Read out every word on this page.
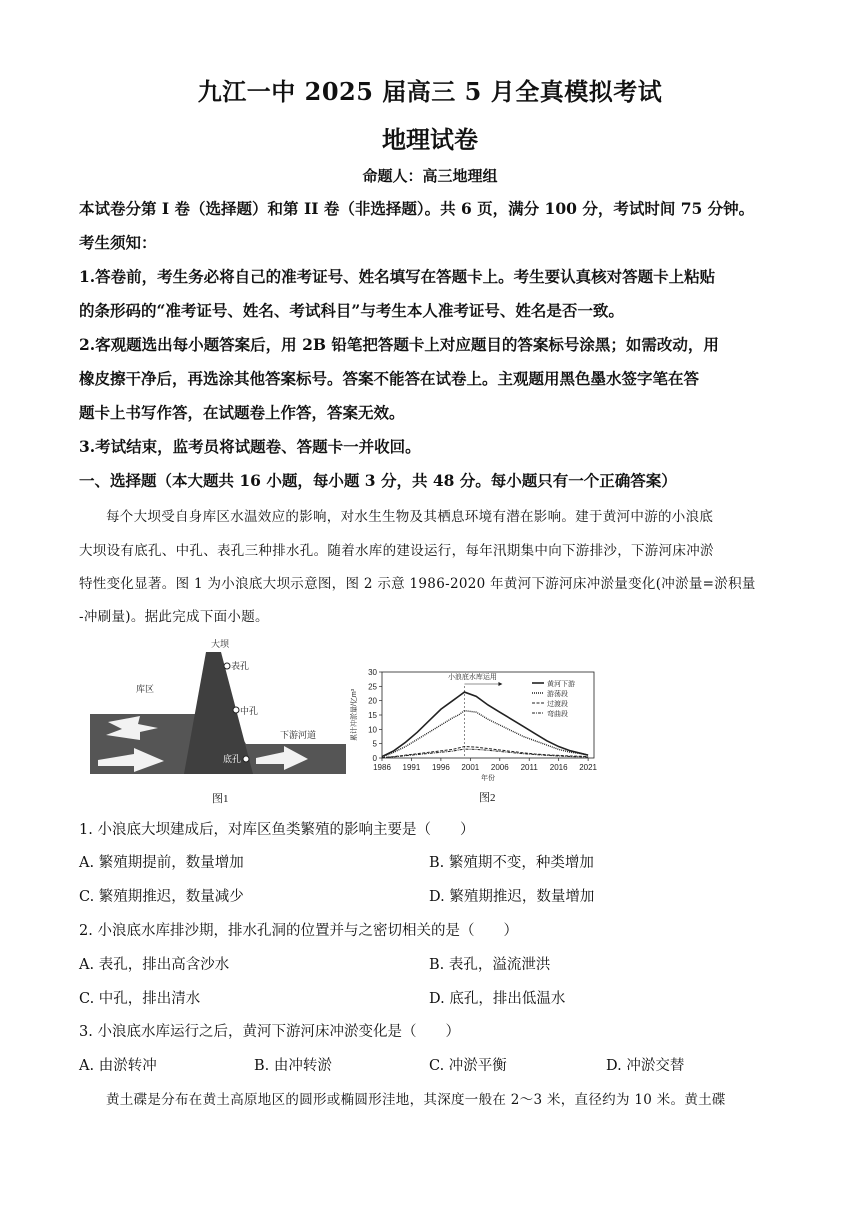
九江一中 2025 届高三 5 月全真模拟考试
地理试卷
命题人：高三地理组
本试卷分第 I 卷（选择题）和第 II 卷（非选择题）。共 6 页，满分 100 分，考试时间 75 分钟。
考生须知：
1.答卷前，考生务必将自己的准考证号、姓名填写在答题卡上。考生要认真核对答题卡上粘贴
的条形码的“准考证号、姓名、考试科目”与考生本人准考证号、姓名是否一致。
2.客观题选出每小题答案后，用 2B 铅笔把答题卡上对应题目的答案标号涂黑；如需改动，用
橡皮擦干净后，再选涂其他答案标号。答案不能答在试卷上。主观题用黑色墨水签字笔在答
题卡上书写作答，在试题卷上作答，答案无效。
3.考试结束，监考员将试题卷、答题卡一并收回。
一、选择题（本大题共 16 小题，每小题 3 分，共 48 分。每小题只有一个正确答案）
每个大坝受自身库区水温效应的影响，对水生生物及其栖息环境有潜在影响。建于黄河中游的小浪底
大坝设有底孔、中孔、表孔三种排水孔。随着水库的建设运行，每年汛期集中向下游排沙，下游河床冲淤
特性变化显著。图 1 为小浪底大坝示意图，图 2 示意 1986-2020 年黄河下游河床冲淤量变化(冲淤量=淤积量
-冲刷量)。据此完成下面小题。
大坝
表孔
库区
中孔
底孔
下游河道
图1
0
5
10
15
20
25
30
1986 1991 1996 2001 2006 2011 2016 2021
年份
累计冲淤量/亿m³
小浪底水库运用
黄河下游
游荡段
过渡段
弯曲段
图2
1. 小浪底大坝建成后，对库区鱼类繁殖的影响主要是（　　）
A. 繁殖期提前，数量增加	B. 繁殖期不变，种类增加
C. 繁殖期推迟，数量减少	D. 繁殖期推迟，数量增加
2. 小浪底水库排沙期，排水孔洞的位置并与之密切相关的是（　　）
A. 表孔，排出高含沙水	B. 表孔，溢流泄洪
C. 中孔，排出清水	D. 底孔，排出低温水
3. 小浪底水库运行之后，黄河下游河床冲淤变化是（　　）
A. 由淤转冲	B. 由冲转淤	C. 冲淤平衡	D. 冲淤交替
黄土碟是分布在黄土高原地区的圆形或椭圆形洼地，其深度一般在 2～3 米，直径约为 10 米。黄土碟
